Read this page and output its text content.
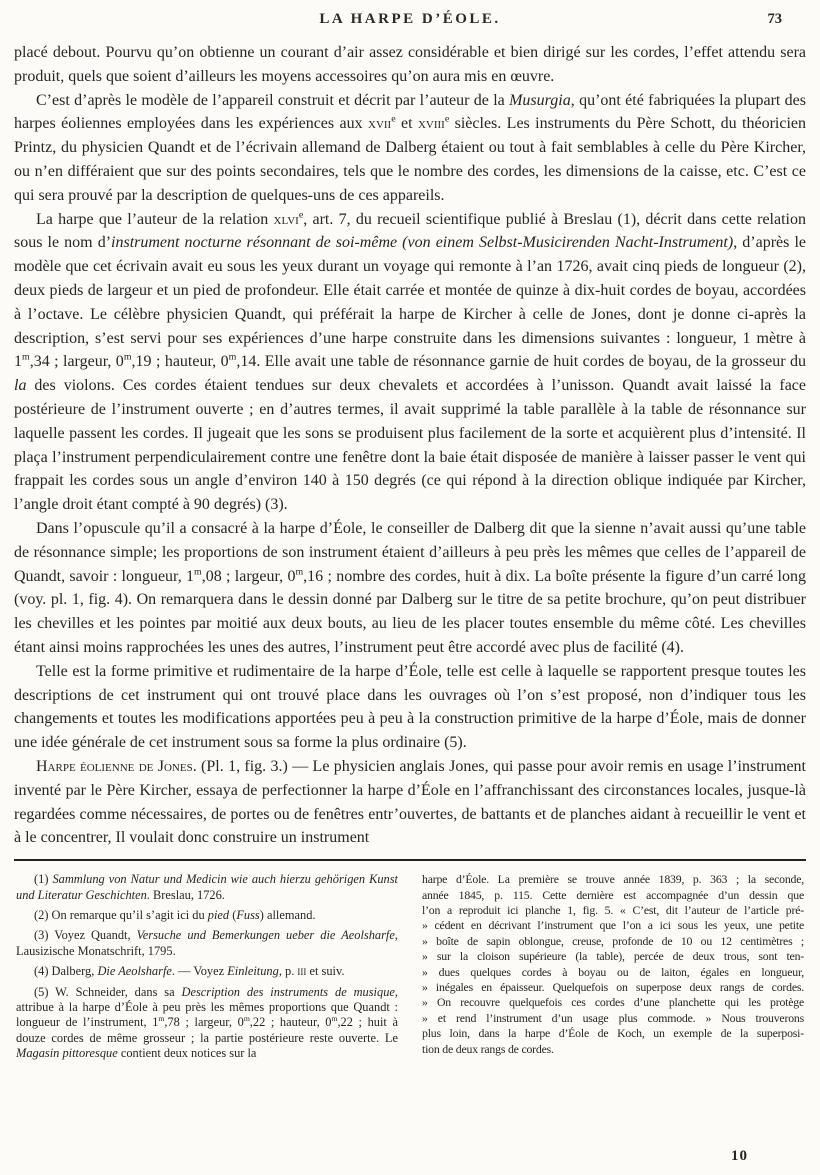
LA HARPE D’ÉOLE.	73

placé debout. Pourvu qu’on obtienne un courant d’air assez considérable et bien dirigé sur les cordes, l’effet attendu sera produit, quels que soient d’ailleurs les moyens accessoires qu’on aura mis en œuvre.

C’est d’après le modèle de l’appareil construit et décrit par l’auteur de la Musurgia, qu’ont été fabriquées la plupart des harpes éoliennes employées dans les expériences aux xvii$^e$ et xviii$^e$ siècles. Les instruments du Père Schott, du théoricien Printz, du physicien Quandt et de l’écrivain allemand de Dalberg étaient ou tout à fait semblables à celle du Père Kircher, ou n’en différaient que sur des points secondaires, tels que le nombre des cordes, les dimensions de la caisse, etc. C’est ce qui sera prouvé par la description de quelques-uns de ces appareils.

La harpe que l’auteur de la relation xlvi$^e$, art. 7, du recueil scientifique publié à Breslau (1), décrit dans cette relation sous le nom d’instrument nocturne résonnant de soi-même (von einem Selbst-Musicirenden Nacht-Instrument), d’après le modèle que cet écrivain avait eu sous les yeux durant un voyage qui remonte à l’an 1726, avait cinq pieds de longueur (2), deux pieds de largeur et un pied de profondeur. Elle était carrée et montée de quinze à dix-huit cordes de boyau, accordées à l’octave. Le célèbre physicien Quandt, qui préférait la harpe de Kircher à celle de Jones, dont je donne ci-après la description, s’est servi pour ses expériences d’une harpe construite dans les dimensions suivantes : longueur, 1 mètre à 1$^m$,34 ; largeur, 0$^m$,19 ; hauteur, 0$^m$,14. Elle avait une table de résonnance garnie de huit cordes de boyau, de la grosseur du la des violons. Ces cordes étaient tendues sur deux chevalets et accordées à l’unisson. Quandt avait laissé la face postérieure de l’instrument ouverte ; en d’autres termes, il avait supprimé la table parallèle à la table de résonnance sur laquelle passent les cordes. Il jugeait que les sons se produisent plus facilement de la sorte et acquièrent plus d’intensité. Il plaça l’instrument perpendiculairement contre une fenêtre dont la baie était disposée de manière à laisser passer le vent qui frappait les cordes sous un angle d’environ 140 à 150 degrés (ce qui répond à la direction oblique indiquée par Kircher, l’angle droit étant compté à 90 degrés) (3).

Dans l’opuscule qu’il a consacré à la harpe d’Éole, le conseiller de Dalberg dit que la sienne n’avait aussi qu’une table de résonnance simple; les proportions de son instrument étaient d’ailleurs à peu près les mêmes que celles de l’appareil de Quandt, savoir : longueur, 1$^m$,08 ; largeur, 0$^m$,16 ; nombre des cordes, huit à dix. La boîte présente la figure d’un carré long (voy. pl. 1, fig. 4). On remarquera dans le dessin donné par Dalberg sur le titre de sa petite brochure, qu’on peut distribuer les chevilles et les pointes par moitié aux deux bouts, au lieu de les placer toutes ensemble du même côté. Les chevilles étant ainsi moins rapprochées les unes des autres, l’instrument peut être accordé avec plus de facilité (4).

Telle est la forme primitive et rudimentaire de la harpe d’Éole, telle est celle à laquelle se rapportent presque toutes les descriptions de cet instrument qui ont trouvé place dans les ouvrages où l’on s’est proposé, non d’indiquer tous les changements et toutes les modifications apportées peu à peu à la construction primitive de la harpe d’Éole, mais de donner une idée générale de cet instrument sous sa forme la plus ordinaire (5).

Harpe éolienne de Jones. (Pl. 1, fig. 3.) — Le physicien anglais Jones, qui passe pour avoir remis en usage l’instrument inventé par le Père Kircher, essaya de perfectionner la harpe d’Éole en l’affranchissant des circonstances locales, jusque-là regardées comme nécessaires, de portes ou de fenêtres entr’ouvertes, de battants et de planches aidant à recueillir le vent et à le concentrer, Il voulait donc construire un instrument

(1) Sammlung von Natur und Medicin wie auch hierzu gehörigen Kunst und Literatur Geschichten. Breslau, 1726.

(2) On remarque qu’il s’agit ici du pied (Fuss) allemand.

(3) Voyez Quandt, Versuche und Bemerkungen ueber die Aeolsharfe, Lausizische Monatschrift, 1795.

(4) Dalberg, Die Aeolsharfe. — Voyez Einleitung, p. iii et suiv.

(5) W. Schneider, dans sa Description des instruments de musique, attribue à la harpe d’Éole à peu près les mêmes proportions que Quandt : longueur de l’instrument, 1$^m$,78 ; largeur, 0$^m$,22 ; hauteur, 0$^m$,22 ; huit à douze cordes de même grosseur ; la partie postérieure reste ouverte. Le Magasin pittoresque contient deux notices sur la

harpe d’Éole. La première se trouve année 1839, p. 363 ; la seconde,
année 1845, p. 115. Cette dernière est accompagnée d’un dessin que
l’on a reproduit ici planche 1, fig. 5. « C’est, dit l’auteur de l’article pré-
» cédent en décrivant l’instrument que l’on a ici sous les yeux, une petite
» boîte de sapin oblongue, creuse, profonde de 10 ou 12 centimètres ;
» sur la cloison supérieure (la table), percée de deux trous, sont ten-
» dues quelques cordes à boyau ou de laiton, égales en longueur,
» inégales en épaisseur. Quelquefois on superpose deux rangs de cordes.
» On recouvre quelquefois ces cordes d’une planchette qui les protège
» et rend l’instrument d’un usage plus commode. » Nous trouverons
plus loin, dans la harpe d’Éole de Koch, un exemple de la superposi-
tion de deux rangs de cordes.
10
